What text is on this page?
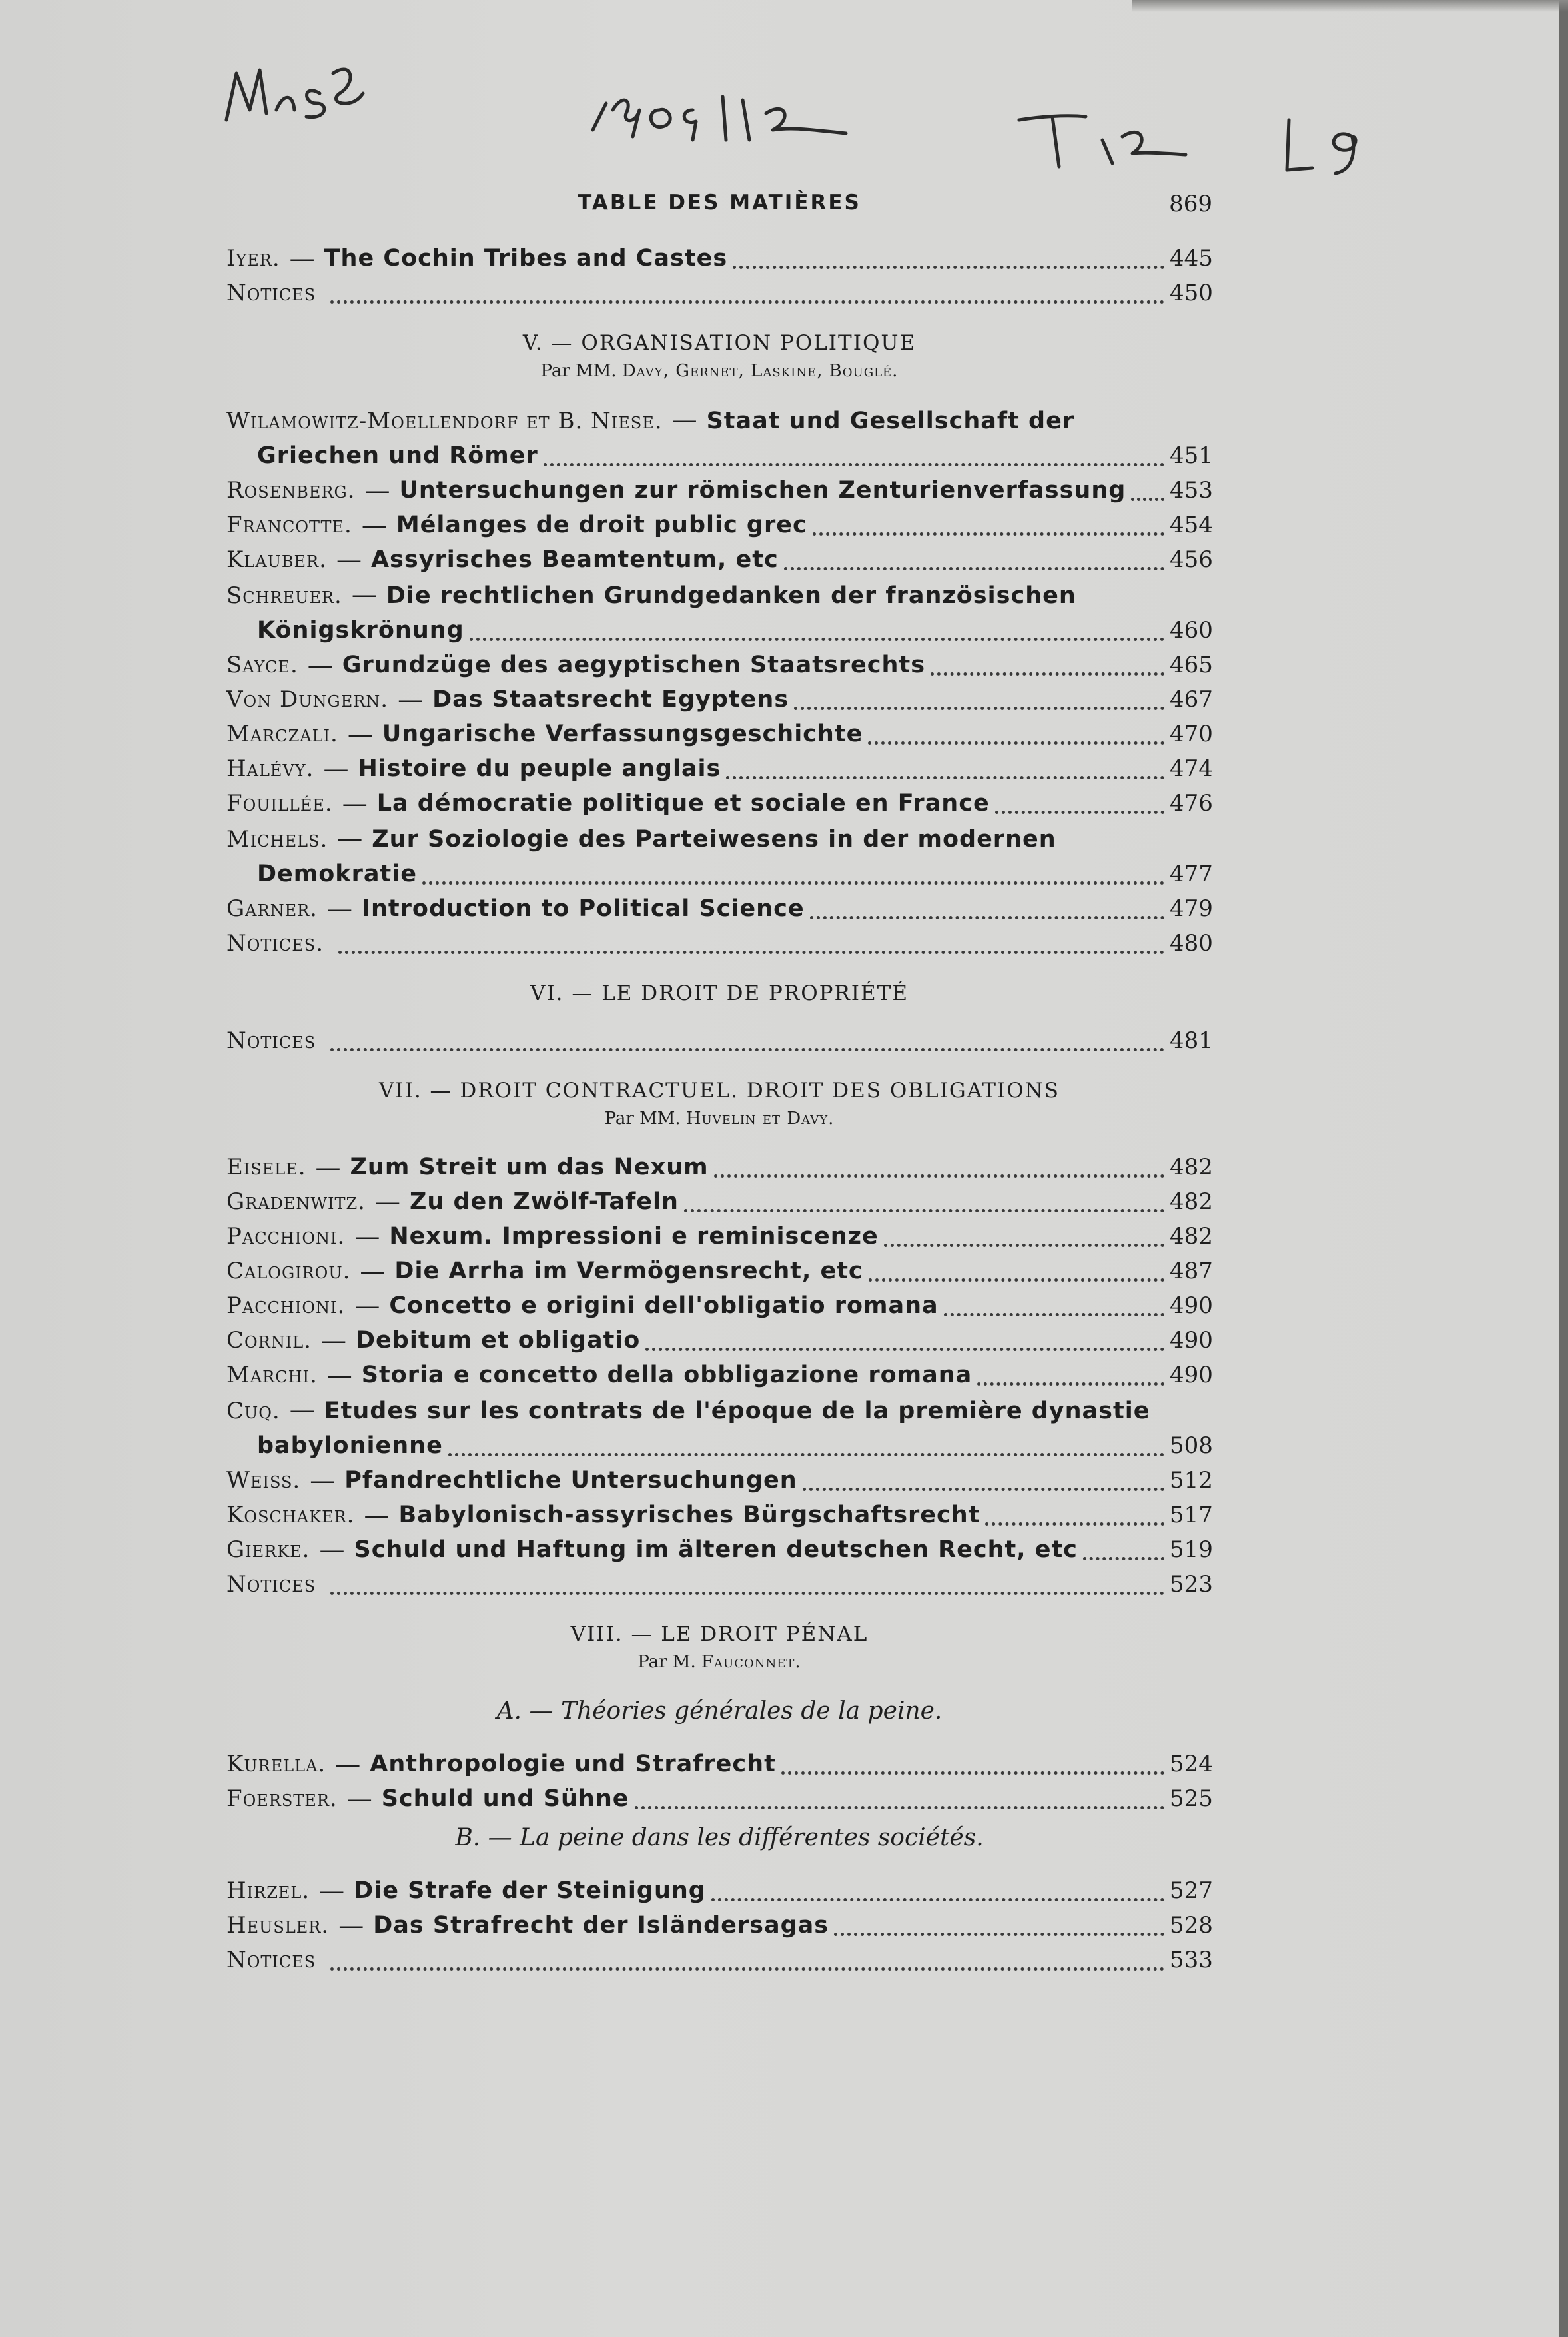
TABLE DES MATIÈRES	869
Iyer. — The Cochin Tribes and Castes	445
Notices	450
V. — ORGANISATION POLITIQUE
Par MM. Davy, Gernet, Laskine, Bouglé.
Wilamowitz-Moellendorf et B. Niese. — Staat und Gesellschaft der
Griechen und Römer	451
Rosenberg. — Untersuchungen zur römischen Zenturienverfassung 453
Francotte. — Mélanges de droit public grec	454
Klauber. — Assyrisches Beamtentum, etc	456
Schreuer. — Die rechtlichen Grundgedanken der französischen
Königskrönung	460
Sayce. — Grundzüge des aegyptischen Staatsrechts	465
Von Dungern. — Das Staatsrecht Egyptens	467
Marczali. — Ungarische Verfassungsgeschichte	470
Halévy. — Histoire du peuple anglais	474
Fouillée. — La démocratie politique et sociale en France	476
Michels. — Zur Soziologie des Parteiwesens in der modernen
Demokratie	477
Garner. — Introduction to Political Science	479
Notices.	480
VI. — LE DROIT DE PROPRIÉTÉ
Notices	481
VII. — DROIT CONTRACTUEL. DROIT DES OBLIGATIONS
Par MM. Huvelin et Davy.
Eisele. — Zum Streit um das Nexum	482
Gradenwitz. — Zu den Zwölf-Tafeln	482
Pacchioni. — Nexum. Impressioni e reminiscenze	482
Calogirou. — Die Arrha im Vermögensrecht, etc	487
Pacchioni. — Concetto e origini dell'obligatio romana	490
Cornil. — Debitum et obligatio	490
Marchi. — Storia e concetto della obbligazione romana	490
Cuq. — Etudes sur les contrats de l'époque de la première dynastie
babylonienne	508
Weiss. — Pfandrechtliche Untersuchungen	512
Koschaker. — Babylonisch-assyrisches Bürgschaftsrecht	517
Gierke. — Schuld und Haftung im älteren deutschen Recht, etc	519
Notices	523
VIII. — LE DROIT PÉNAL
Par M. Fauconnet.
A. — Théories générales de la peine.
Kurella. — Anthropologie und Strafrecht	524
Foerster. — Schuld und Sühne	525
B. — La peine dans les différentes sociétés.
Hirzel. — Die Strafe der Steinigung	527
Heusler. — Das Strafrecht der Isländersagas	528
Notices	533
